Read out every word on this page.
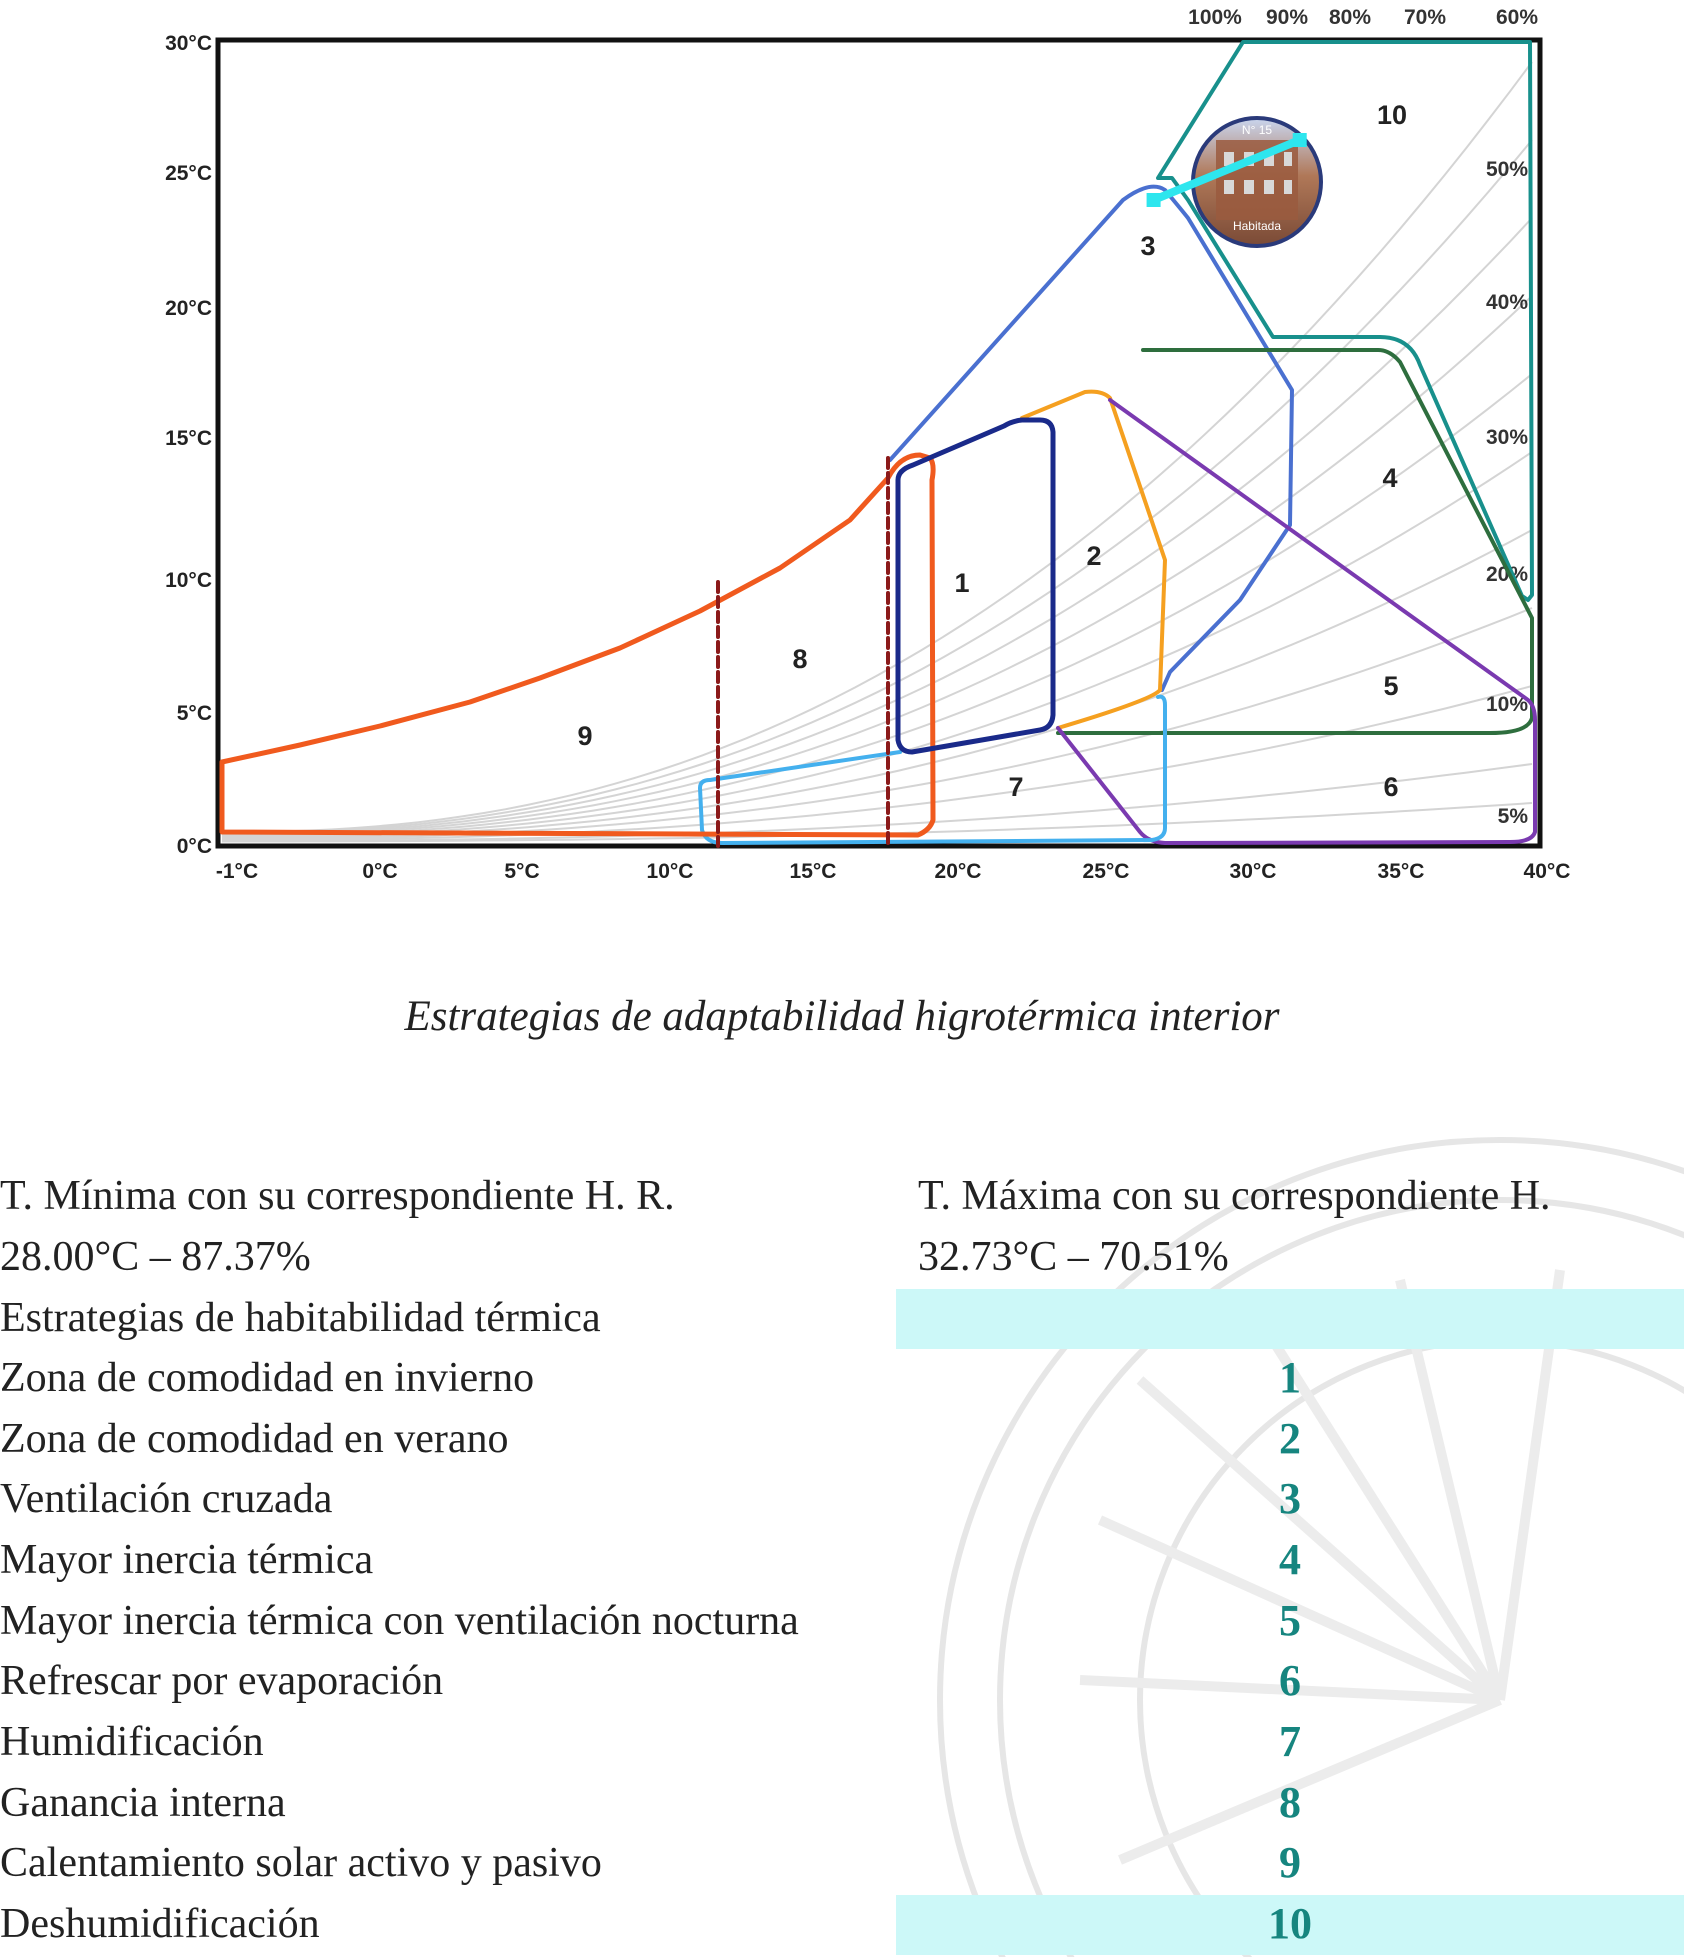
30°C
25°C
20°C
15°C
10°C
5°C
0°C
-1°C	0°C	5°C	10°C	15°C	20°C	25°C	30°C	35°C	40°C
100% 90% 80% 70% 60%
50%
40%
30%
20%
10%
5%
1
2
3
4
5
6
7
8
9
10
N° 15
Habitada
Estrategias de adaptabilidad higrotérmica interior
T. Mínima con su correspondiente H. R.	T. Máxima con su correspondiente H.
28.00°C – 87.37%	32.73°C – 70.51%
Estrategias de habitabilidad térmica
Zona de comodidad en invierno	1
Zona de comodidad en verano	2
Ventilación cruzada	3
Mayor inercia térmica	4
Mayor inercia térmica con ventilación nocturna	5
Refrescar por evaporación	6
Humidificación	7
Ganancia interna	8
Calentamiento solar activo y pasivo	9
Deshumidificación	10
